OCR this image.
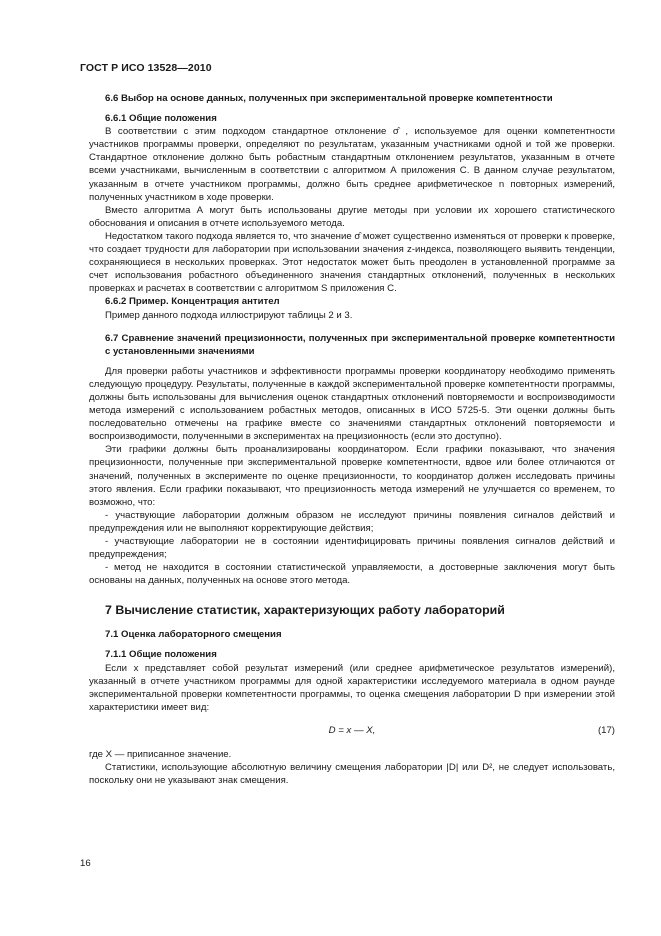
ГОСТ Р ИСО 13528—2010

6.6 Выбор на основе данных, полученных при экспериментальной проверке компетентности

6.6.1 Общие положения

В соответствии с этим подходом стандартное отклонение σ̂ , используемое для оценки компетентности участников программы проверки, определяют по результатам, указанным участниками одной и той же проверки. Стандартное отклонение должно быть робастным стандартным отклонением результатов, указанным в отчете всеми участниками, вычисленным в соответствии с алгоритмом А приложения С. В данном случае результатом, указанным в отчете участником программы, должно быть среднее арифметическое n повторных измерений, полученных участником в ходе проверки.

Вместо алгоритма А могут быть использованы другие методы при условии их хорошего статистического обоснования и описания в отчете используемого метода.

Недостатком такого подхода является то, что значение σ̂ может существенно изменяться от проверки к проверке, что создает трудности для лаборатории при использовании значения z-индекса, позволяющего выявить тенденции, сохраняющиеся в нескольких проверках. Этот недостаток может быть преодолен в установленной программе за счет использования робастного объединенного значения стандартных отклонений, полученных в нескольких проверках и расчетах в соответствии с алгоритмом S приложения С.

6.6.2 Пример. Концентрация антител

Пример данного подхода иллюстрируют таблицы 2 и 3.

6.7 Сравнение значений прецизионности, полученных при экспериментальной проверке компетентности с установленными значениями

Для проверки работы участников и эффективности программы проверки координатору необходимо применять следующую процедуру. Результаты, полученные в каждой экспериментальной проверке компетентности программы, должны быть использованы для вычисления оценок стандартных отклонений повторяемости и воспроизводимости метода измерений с использованием робастных методов, описанных в ИСО 5725-5. Эти оценки должны быть последовательно отмечены на графике вместе со значениями стандартных отклонений повторяемости и воспроизводимости, полученными в экспериментах на прецизионность (если это доступно).

Эти графики должны быть проанализированы координатором. Если графики показывают, что значения прецизионности, полученные при экспериментальной проверке компетентности, вдвое или более отличаются от значений, полученных в эксперименте по оценке прецизионности, то координатор должен исследовать причины этого явления. Если графики показывают, что прецизионность метода измерений не улучшается со временем, то возможно, что:

- участвующие лаборатории должным образом не исследуют причины появления сигналов действий и предупреждения или не выполняют корректирующие действия;

- участвующие лаборатории не в состоянии идентифицировать причины появления сигналов действий и предупреждения;

- метод не находится в состоянии статистической управляемости, а достоверные заключения могут быть основаны на данных, полученных на основе этого метода.

7 Вычисление статистик, характеризующих работу лабораторий

7.1 Оценка лабораторного смещения

7.1.1 Общие положения

Если x представляет собой результат измерений (или среднее арифметическое результатов измерений), указанный в отчете участником программы для одной характеристики исследуемого материала в одном раунде экспериментальной проверки компетентности программы, то оценка смещения лаборатории D при измерении этой характеристики имеет вид:

D = x — X,	(17)

где X — приписанное значение.

Статистики, использующие абсолютную величину смещения лаборатории |D| или D², не следует использовать, поскольку они не указывают знак смещения.

16
